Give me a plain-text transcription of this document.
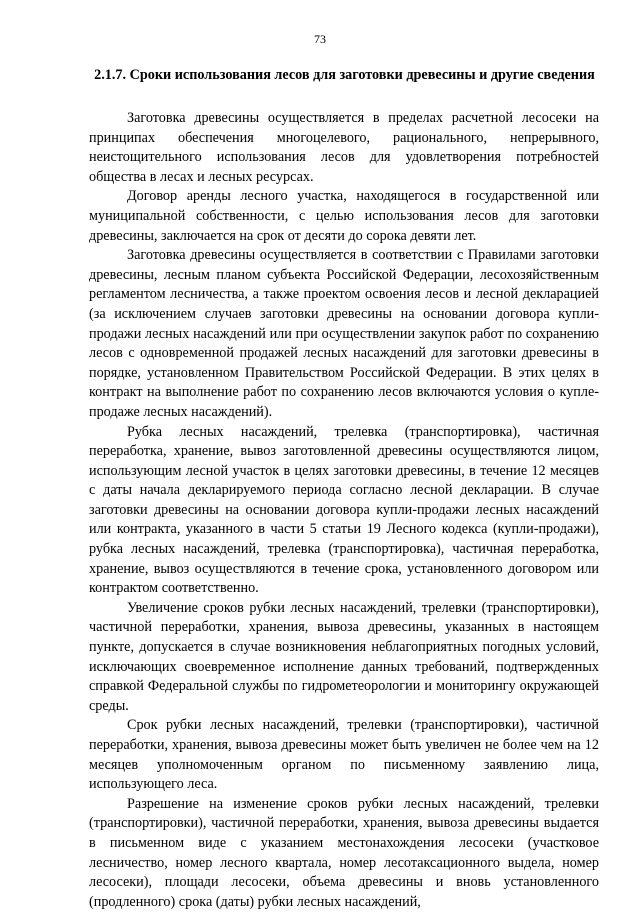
73
2.1.7. Сроки использования лесов для заготовки древесины и другие сведения

Заготовка древесины осуществляется в пределах расчетной лесосеки на принципах обеспечения многоцелевого, рационального, непрерывного, неистощительного использования лесов для удовлетворения потребностей общества в лесах и лесных ресурсах.

Договор аренды лесного участка, находящегося в государственной или муниципальной собственности, с целью использования лесов для заготовки древесины, заключается на срок от десяти до сорока девяти лет.

Заготовка древесины осуществляется в соответствии с Правилами заготовки древесины, лесным планом субъекта Российской Федерации, лесохозяйственным регламентом лесничества, а также проектом освоения лесов и лесной декларацией (за исключением случаев заготовки древесины на основании договора купли-продажи лесных насаждений или при осуществлении закупок работ по сохранению лесов с одновременной продажей лесных насаждений для заготовки древесины в порядке, установленном Правительством Российской Федерации. В этих целях в контракт на выполнение работ по сохранению лесов включаются условия о купле-продаже лесных насаждений).

Рубка лесных насаждений, трелевка (транспортировка), частичная переработка, хранение, вывоз заготовленной древесины осуществляются лицом, использующим лесной участок в целях заготовки древесины, в течение 12 месяцев с даты начала декларируемого периода согласно лесной декларации. В случае заготовки древесины на основании договора купли-продажи лесных насаждений или контракта, указанного в части 5 статьи 19 Лесного кодекса (купли-продажи), рубка лесных насаждений, трелевка (транспортировка), частичная переработка, хранение, вывоз осуществляются в течение срока, установленного договором или контрактом соответственно.

Увеличение сроков рубки лесных насаждений, трелевки (транспортировки), частичной переработки, хранения, вывоза древесины, указанных в настоящем пункте, допускается в случае возникновения неблагоприятных погодных условий, исключающих своевременное исполнение данных требований, подтвержденных справкой Федеральной службы по гидрометеорологии и мониторингу окружающей среды.

Срок рубки лесных насаждений, трелевки (транспортировки), частичной переработки, хранения, вывоза древесины может быть увеличен не более чем на 12 месяцев уполномоченным органом по письменному заявлению лица, использующего леса.

Разрешение на изменение сроков рубки лесных насаждений, трелевки (транспортировки), частичной переработки, хранения, вывоза древесины выдается в письменном виде с указанием местонахождения лесосеки (участковое лесничество, номер лесного квартала, номер лесотаксационного выдела, номер лесосеки), площади лесосеки, объема древесины и вновь установленного (продленного) срока (даты) рубки лесных насаждений,
